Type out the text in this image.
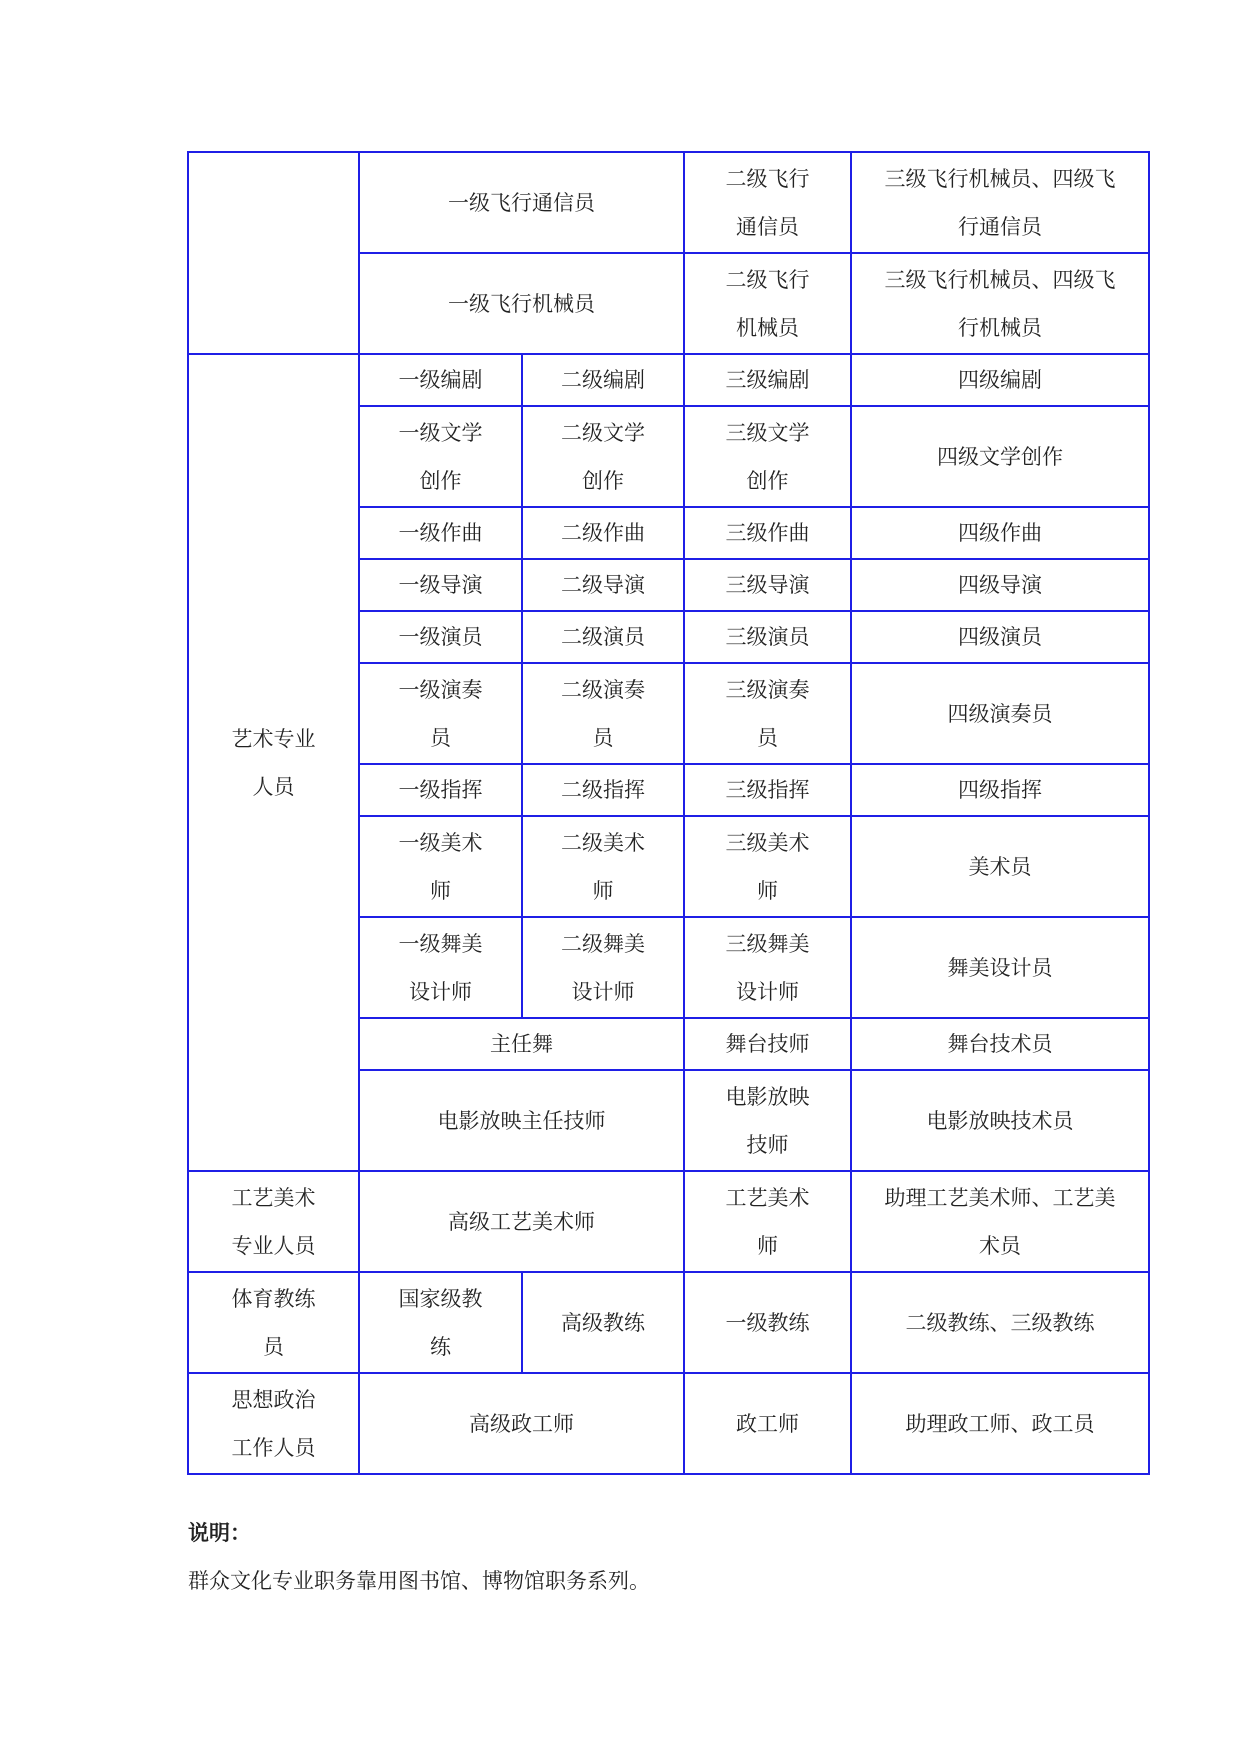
	一级飞行通信员		二级飞行通信员	三级飞行机械员、四级飞行通信员
	一级飞行机械员		二级飞行机械员	三级飞行机械员、四级飞行机械员
艺术专业人员	一级编剧	二级编剧	三级编剧	四级编剧
	一级文学创作	二级文学创作	三级文学创作	四级文学创作
	一级作曲	二级作曲	三级作曲	四级作曲
	一级导演	二级导演	三级导演	四级导演
	一级演员	二级演员	三级演员	四级演员
	一级演奏员	二级演奏员	三级演奏员	四级演奏员
	一级指挥	二级指挥	三级指挥	四级指挥
	一级美术师	二级美术师	三级美术师	美术员
	一级舞美设计师	二级舞美设计师	三级舞美设计师	舞美设计员
	主任舞		舞台技师	舞台技术员
	电影放映主任技师		电影放映技师	电影放映技术员
工艺美术专业人员	高级工艺美术师		工艺美术师	助理工艺美术师、工艺美术员
体育教练员	国家级教练	高级教练	一级教练	二级教练、三级教练
思想政治工作人员	高级政工师		政工师	助理政工师、政工员
说明：
群众文化专业职务靠用图书馆、博物馆职务系列。
